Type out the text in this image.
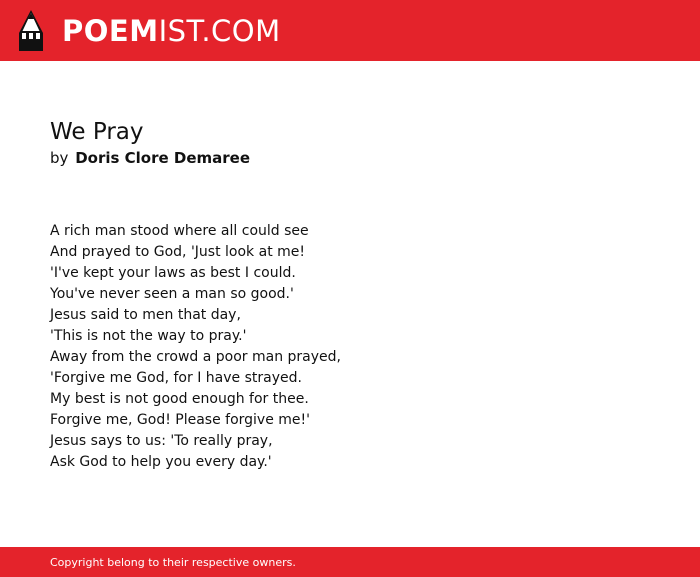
POEMIST.COM
We Pray
by Doris Clore Demaree
A rich man stood where all could see
And prayed to God, 'Just look at me!
'I've kept your laws as best I could.
You've never seen a man so good.'
Jesus said to men that day,
'This is not the way to pray.'
Away from the crowd a poor man prayed,
'Forgive me God, for I have strayed.
My best is not good enough for thee.
Forgive me, God! Please forgive me!'
Jesus says to us: 'To really pray,
Ask God to help you every day.'
Copyright belong to their respective owners.
